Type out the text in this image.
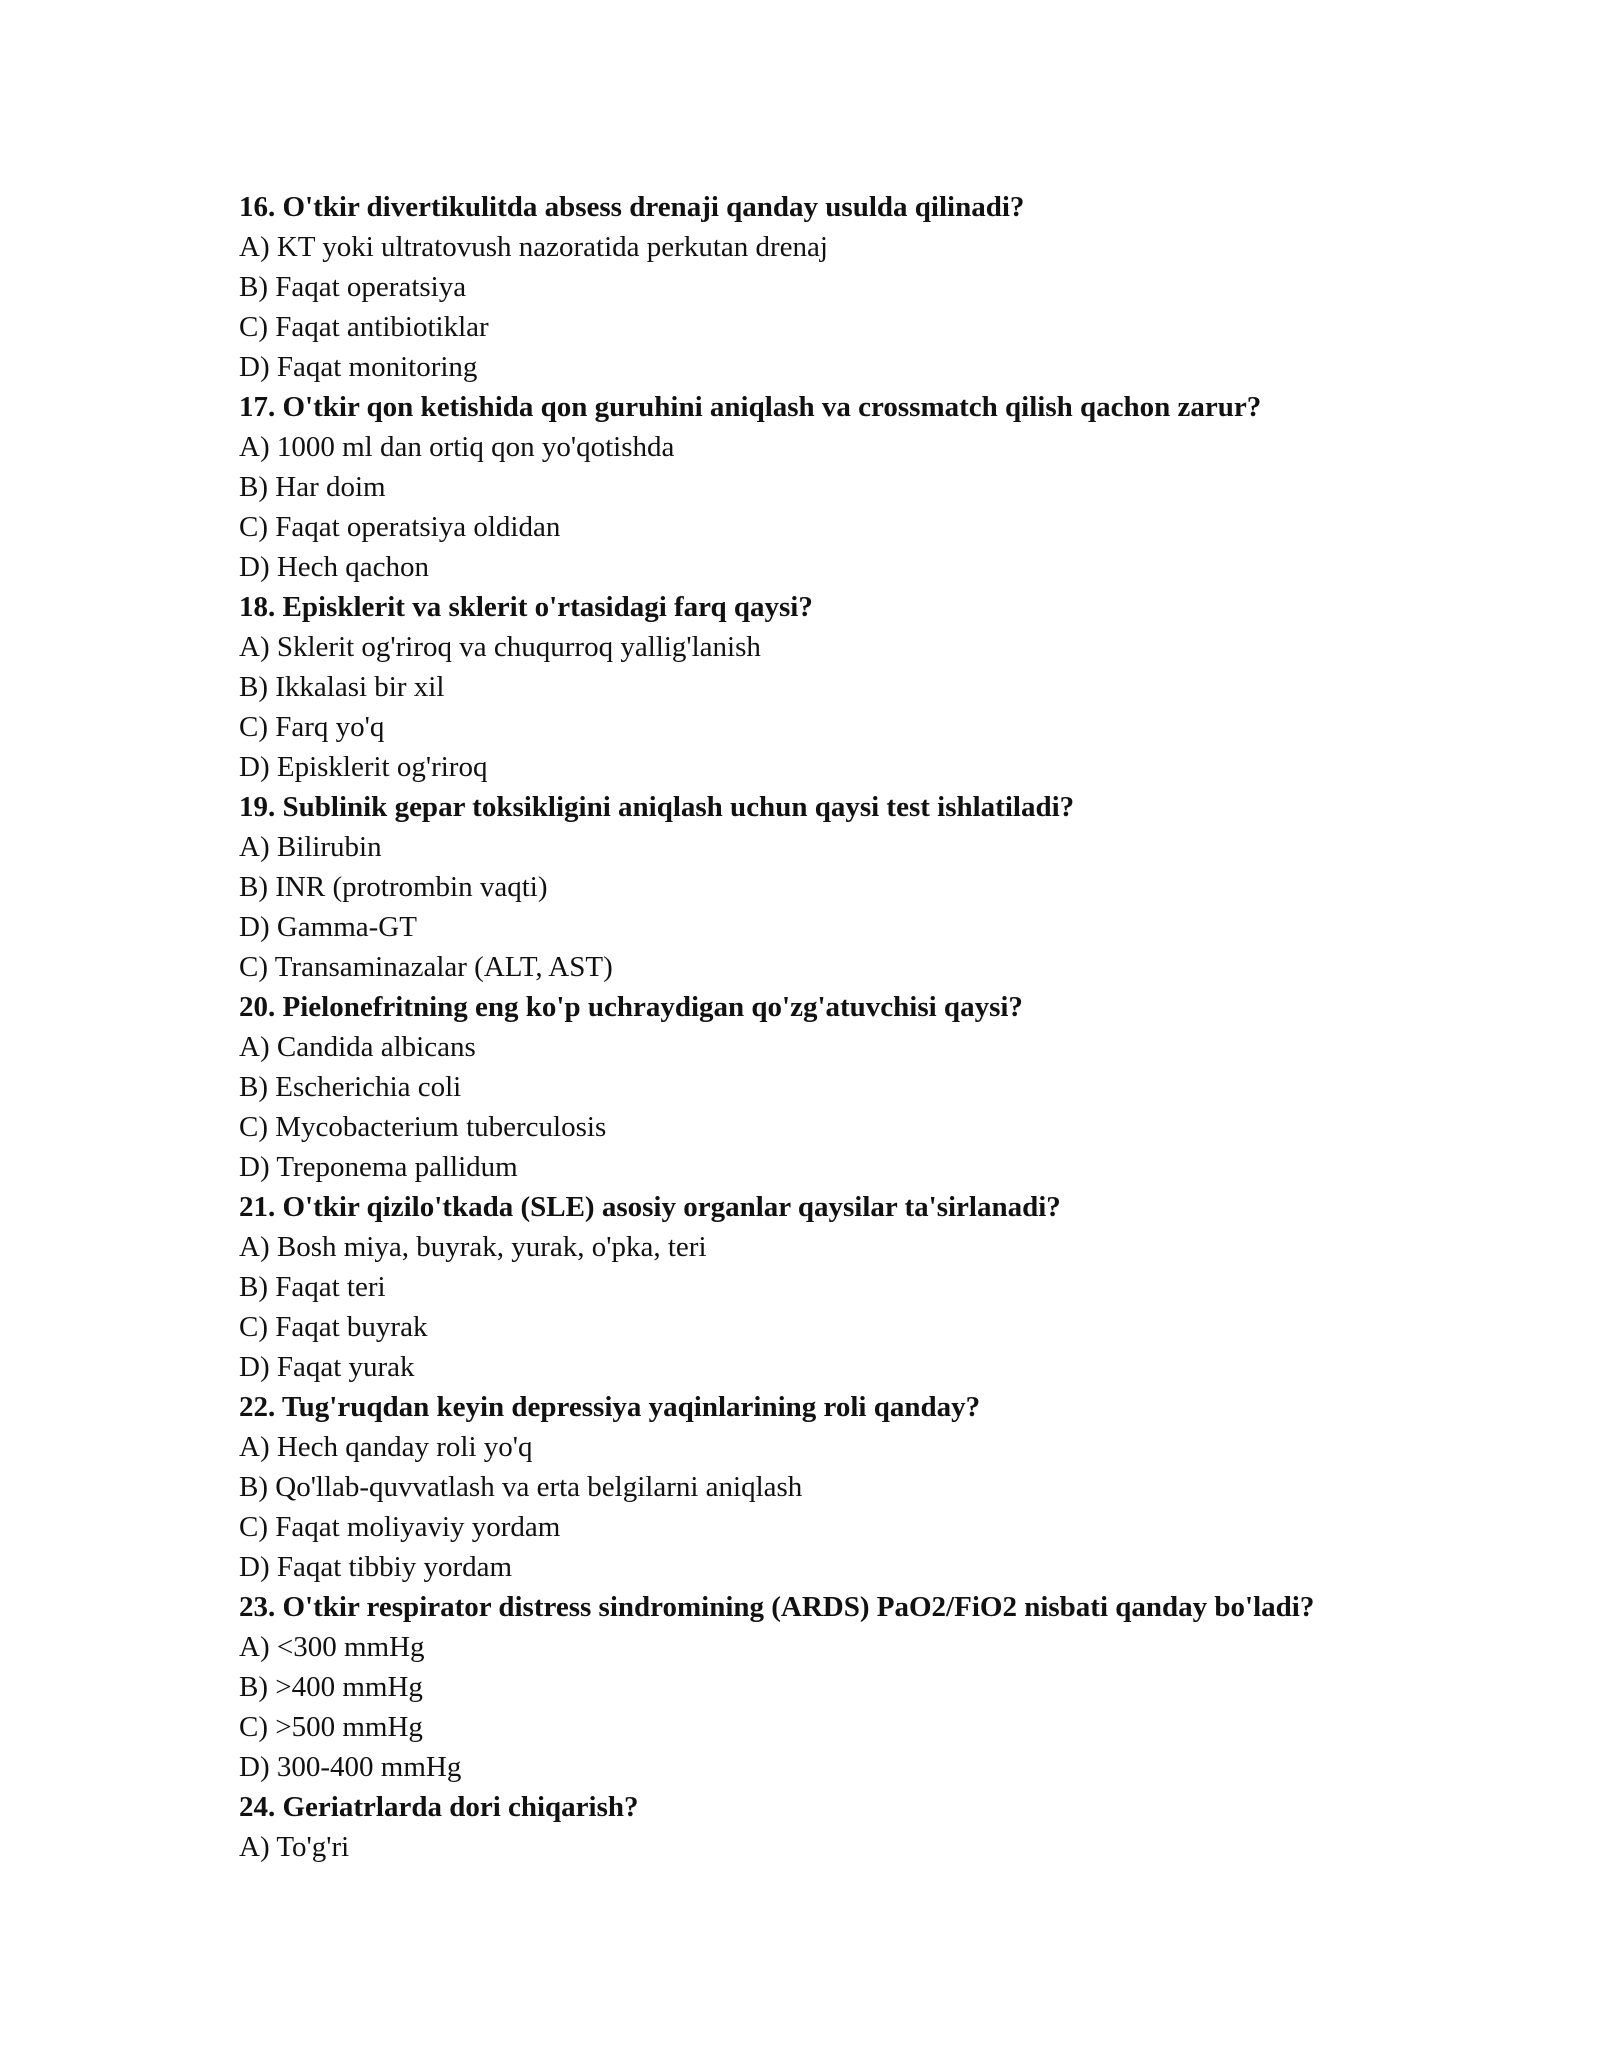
16. O'tkir divertikulitda absess drenaji qanday usulda qilinadi?
A) KT yoki ultratovush nazoratida perkutan drenaj
B) Faqat operatsiya
C) Faqat antibiotiklar
D) Faqat monitoring
17. O'tkir qon ketishida qon guruhini aniqlash va crossmatch qilish qachon zarur?
A) 1000 ml dan ortiq qon yo'qotishda
B) Har doim
C) Faqat operatsiya oldidan
D) Hech qachon
18. Episklerit va sklerit o'rtasidagi farq qaysi?
A) Sklerit og'riroq va chuqurroq yallig'lanish
B) Ikkalasi bir xil
C) Farq yo'q
D) Episklerit og'riroq
19. Sublinik gepar toksikligini aniqlash uchun qaysi test ishlatiladi?
A) Bilirubin
B) INR (protrombin vaqti)
D) Gamma-GT
C) Transaminazalar (ALT, AST)
20. Pielonefritning eng ko'p uchraydigan qo'zg'atuvchisi qaysi?
A) Candida albicans
B) Escherichia coli
C) Mycobacterium tuberculosis
D) Treponema pallidum
21. O'tkir qizilo'tkada (SLE) asosiy organlar qaysilar ta'sirlanadi?
A) Bosh miya, buyrak, yurak, o'pka, teri
B) Faqat teri
C) Faqat buyrak
D) Faqat yurak
22. Tug'ruqdan keyin depressiya yaqinlarining roli qanday?
A) Hech qanday roli yo'q
B) Qo'llab-quvvatlash va erta belgilarni aniqlash
C) Faqat moliyaviy yordam
D) Faqat tibbiy yordam
23. O'tkir respirator distress sindromining (ARDS) PaO2/FiO2 nisbati qanday bo'ladi?
A) <300 mmHg
B) >400 mmHg
C) >500 mmHg
D) 300-400 mmHg
24. Geriatrlarda dori chiqarish?
A) To'g'ri
